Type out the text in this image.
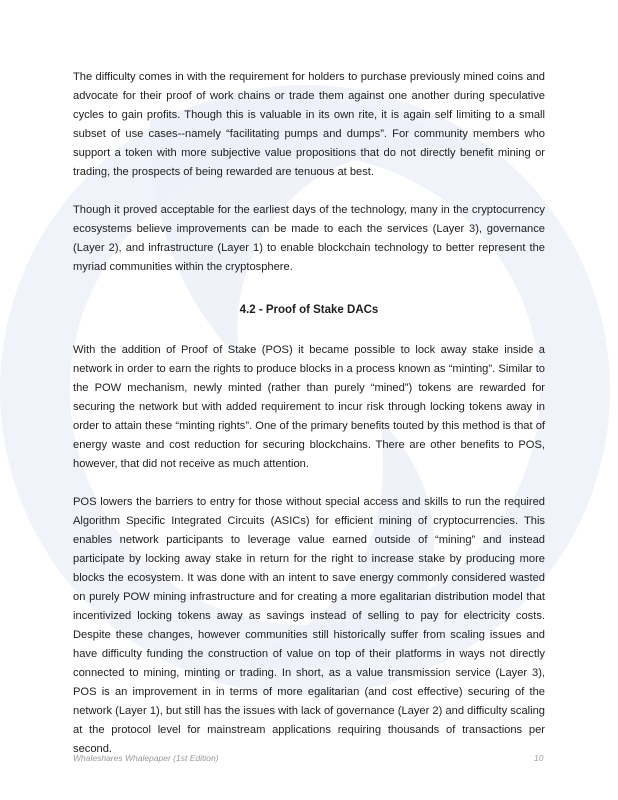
The difficulty comes in with the requirement for holders to purchase previously mined coins and advocate for their proof of work chains or trade them against one another during speculative cycles to gain profits. Though this is valuable in its own rite, it is again self limiting to a small subset of use cases--namely “facilitating pumps and dumps”. For community members who support a token with more subjective value propositions that do not directly benefit mining or trading, the prospects of being rewarded are tenuous at best.

Though it proved acceptable for the earliest days of the technology, many in the cryptocurrency ecosystems believe improvements can be made to each the services (Layer 3), governance (Layer 2), and infrastructure (Layer 1) to enable blockchain technology to better represent the myriad communities within the cryptosphere.

4.2 - Proof of Stake DACs

With the addition of Proof of Stake (POS) it became possible to lock away stake inside a network in order to earn the rights to produce blocks in a process known as “minting”. Similar to the POW mechanism, newly minted (rather than purely “mined”) tokens are rewarded for securing the network but with added requirement to incur risk through locking tokens away in order to attain these “minting rights”. One of the primary benefits touted by this method is that of energy waste and cost reduction for securing blockchains. There are other benefits to POS, however, that did not receive as much attention.

POS lowers the barriers to entry for those without special access and skills to run the required Algorithm Specific Integrated Circuits (ASICs) for efficient mining of cryptocurrencies. This enables network participants to leverage value earned outside of “mining” and instead participate by locking away stake in return for the right to increase stake by producing more blocks the ecosystem. It was done with an intent to save energy commonly considered wasted on purely POW mining infrastructure and for creating a more egalitarian distribution model that incentivized locking tokens away as savings instead of selling to pay for electricity costs. Despite these changes, however communities still historically suffer from scaling issues and have difficulty funding the construction of value on top of their platforms in ways not directly connected to mining, minting or trading. In short, as a value transmission service (Layer 3), POS is an improvement in in terms of more egalitarian (and cost effective) securing of the network (Layer 1), but still has the issues with lack of governance (Layer 2) and difficulty scaling at the protocol level for mainstream applications requiring thousands of transactions per second.

Whaleshares Whalepaper (1st Edition)	10
